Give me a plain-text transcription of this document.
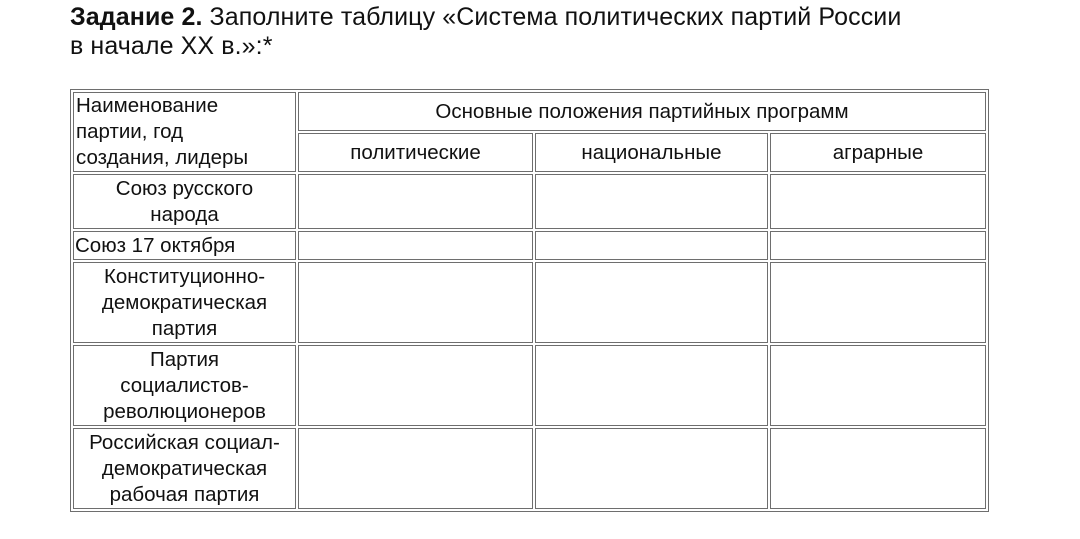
Задание 2. Заполните таблицу «Система политических партий России
в начале XX в.»:*
Наименование
партии, год
создания, лидеры	Основные положения партийных программ		
	политические	национальные	аграрные

Союз русского
народа			

Союз 17 октября			

Конституционно-
демократическая
партия			

Партия
социалистов-
революционеров			

Российская социал-
демократическая
рабочая партия			
